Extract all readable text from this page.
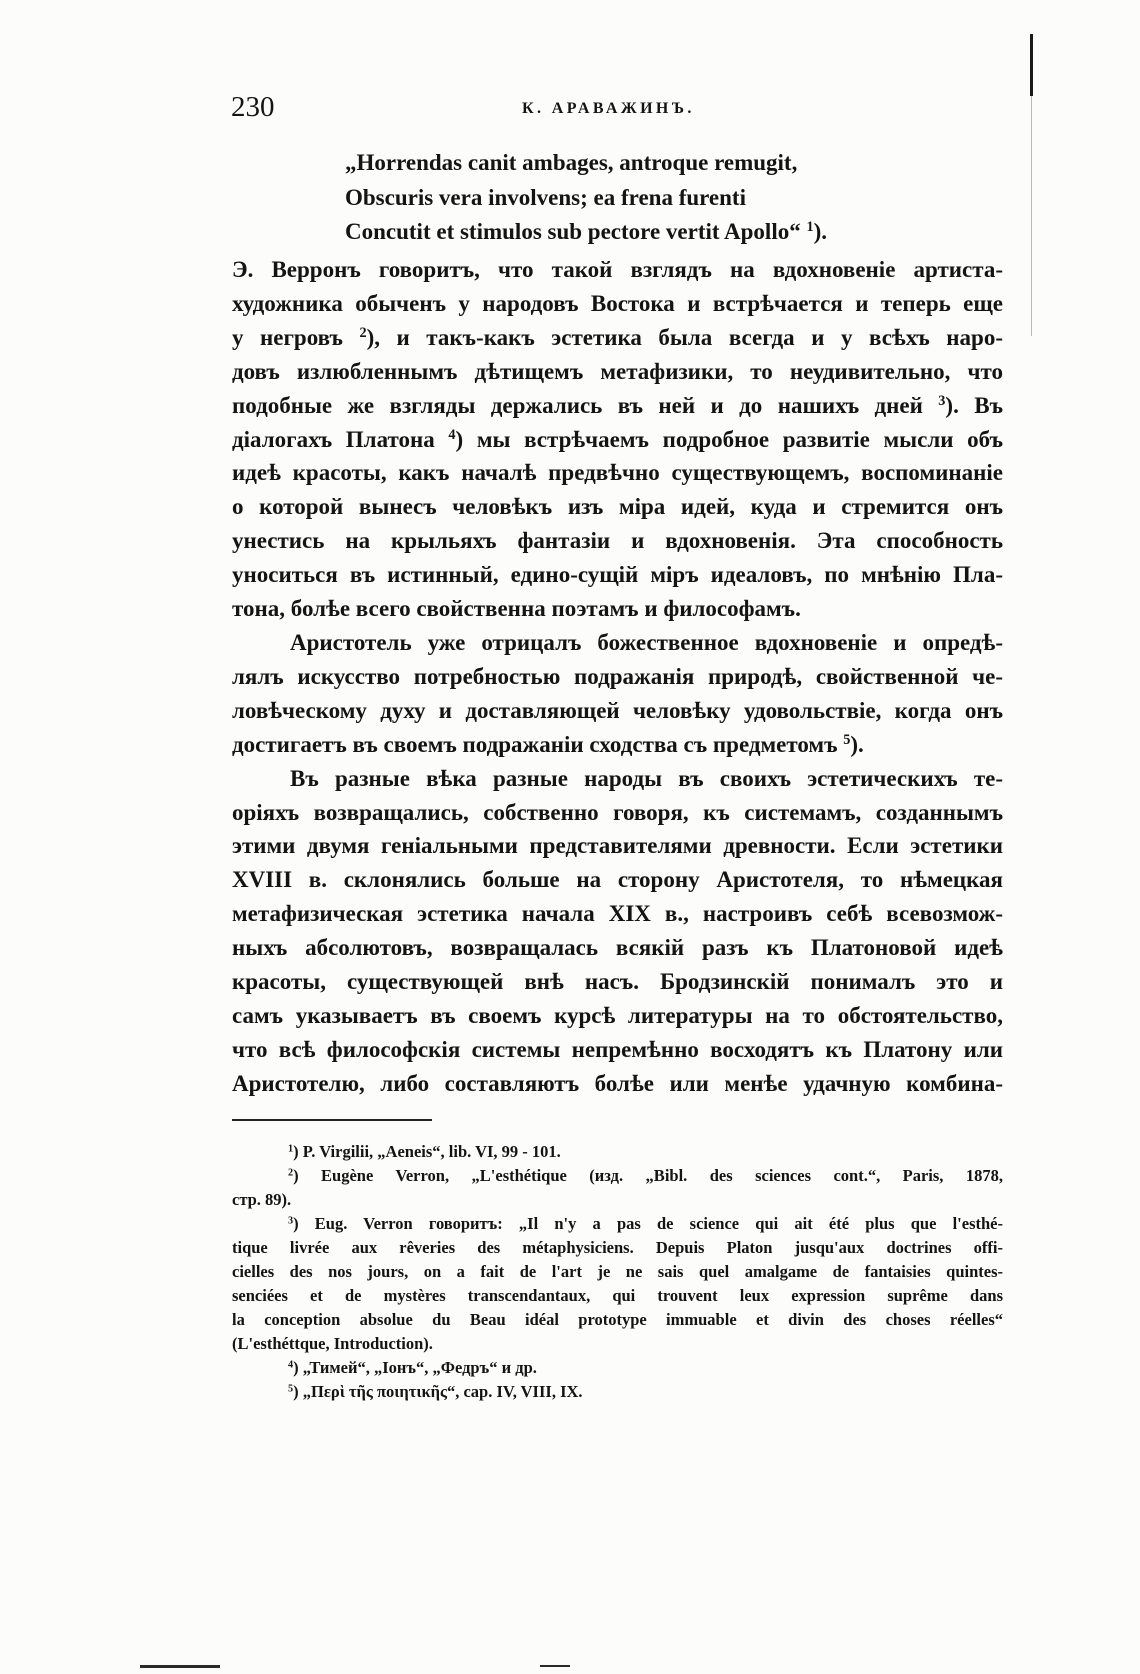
230	К. АРАВАЖИНЪ.
„Horrendas canit ambages, antroque remugit,
Obscuris vera involvens; ea frena furenti
Concutit et stimulos sub pectore vertit Apollo“ $^1$).
Э. Верронъ говоритъ, что такой взглядъ на вдохновеніе артиста-
художника обыченъ у народовъ Востока и встрѣчается и теперь еще
у негровъ $^2$), и такъ-какъ эстетика была всегда и у всѣхъ наро-
довъ излюбленнымъ дѣтищемъ метафизики, то неудивительно, что
подобные же взгляды держались въ ней и до нашихъ дней $^3$). Въ
діалогахъ Платона $^4$) мы встрѣчаемъ подробное развитіе мысли объ
идеѣ красоты, какъ началѣ предвѣчно существующемъ, воспоминаніе
о которой вынесъ человѣкъ изъ міра идей, куда и стремится онъ
унестись на крыльяхъ фантазіи и вдохновенія. Эта способность
уноситься въ истинный, едино-сущій міръ идеаловъ, по мнѣнію Пла-
тона, болѣе всего свойственна поэтамъ и философамъ.
Аристотель уже отрицалъ божественное вдохновеніе и опредѣ-
лялъ искусство потребностью подражанія природѣ, свойственной че-
ловѣческому духу и доставляющей человѣку удовольствіе, когда онъ
достигаетъ въ своемъ подражаніи сходства съ предметомъ $^5$).
Въ разные вѣка разные народы въ своихъ эстетическихъ те-
оріяхъ возвращались, собственно говоря, къ системамъ, созданнымъ
этими двумя геніальными представителями древности. Если эстетики
XVIII в. склонялись больше на сторону Аристотеля, то нѣмецкая
метафизическая эстетика начала XIX в., настроивъ себѣ всевозмож-
ныхъ абсолютовъ, возвращалась всякій разъ къ Платоновой идеѣ
красоты, существующей внѣ насъ. Бродзинскій понималъ это и
самъ указываетъ въ своемъ курсѣ литературы на то обстоятельство,
что всѣ философскія системы непремѣнно восходятъ къ Платону или
Аристотелю, либо составляютъ болѣе или менѣе удачную комбина-
$^1$) P. Virgilii, „Aeneis“, lib. VI, 99 - 101.
$^2$) Eugène Verron, „L'esthétique (изд. „Bibl. des sciences cont.“, Paris, 1878,
стр. 89).
$^3$) Eug. Verron говоритъ: „Il n'y a pas de science qui ait été plus que l'esthé-
tique livrée aux rêveries des métaphysiciens. Depuis Platon jusqu'aux doctrines offi-
cielles des nos jours, on a fait de l'art je ne sais quel amalgame de fantaisies quintes-
senciées et de mystères transcendantaux, qui trouvent leux expression suprême dans
la conception absolue du Beau idéal prototype immuable et divin des choses réelles“
(L'esthéttque, Introduction).
$^4$) „Тимей“, „Іонъ“, „Федръ“ и др.
$^5$) „Περὶ τῆς ποιητικῆς“, cap. IV, VIII, IX.
